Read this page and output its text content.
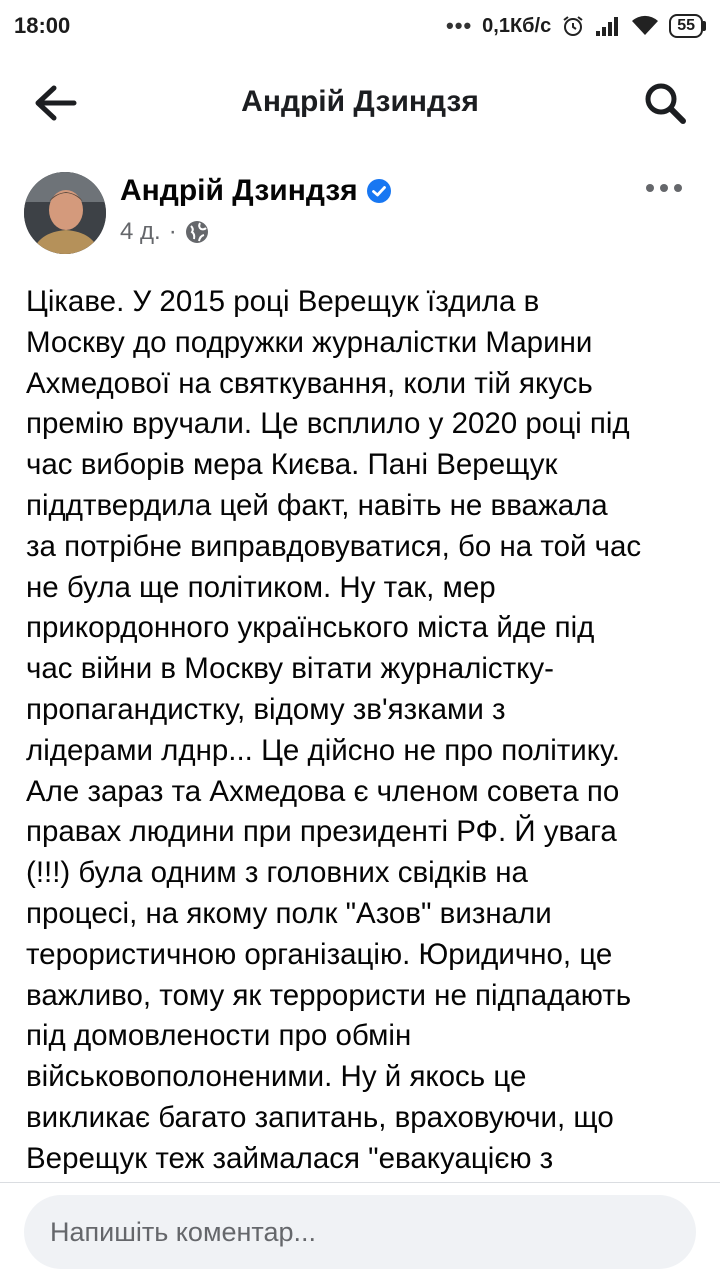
18:00	••• 0,1Кб/с	55
Андрій Дзиндзя
Андрій Дзиндзя
4 д. ·
Цікаве. У 2015 році Верещук їздила в
Москву до подружки журналістки Марини
Ахмедової на святкування, коли тій якусь
премію вручали. Це всплило у 2020 році під
час виборів мера Києва. Пані Верещук
піддтвердила цей факт, навіть не вважала
за потрібне виправдовуватися, бо на той час
не була ще політиком. Ну так, мер
прикордонного українського міста йде під
час війни в Москву вітати журналістку-
пропагандистку, відому зв'язками з
лідерами лднр... Це дійсно не про політику.
Але зараз та Ахмедова є членом совета по
правах людини при президенті РФ. Й увага
(!!!) була одним з головних свідків на
процесі, на якому полк "Азов" визнали
терористичною організацію. Юридично, це
важливо, тому як террористи не підпадають
під домовлености про обмін
військовополоненими. Ну й якось це
викликає багато запитань, враховуючи, що
Верещук теж займалася "евакуацією з
Напишіть коментар...
